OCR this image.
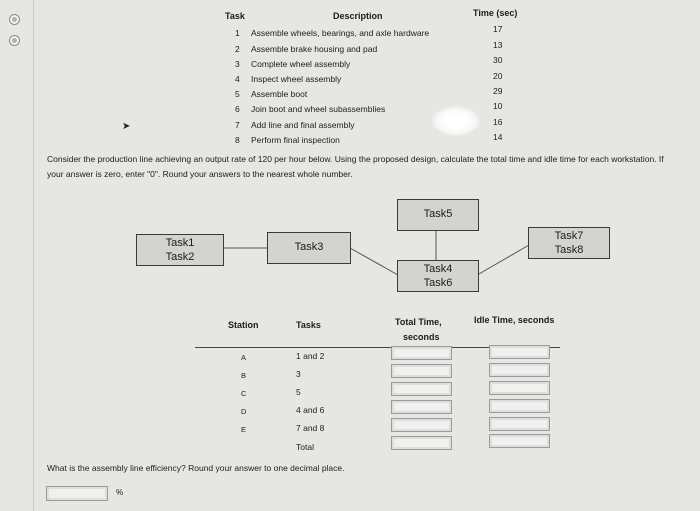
Task	Description	Time (sec)
1 Assemble wheels, bearings, and axle hardware	17
2 Assemble brake housing and pad	13
3 Complete wheel assembly	30
4 Inspect wheel assembly	20
5 Assemble boot	29
6 Join boot and wheel subassemblies	10
7 Add line and final assembly	16
8 Perform final inspection	14
➤
Consider the production line achieving an output rate of 120 per hour below. Using the proposed design, calculate the total time and idle time for each workstation. If your answer is zero, enter "0". Round your answers to the nearest whole number.
Task1
Task2
Task3
Task5
Task4
Task6
Task7
Task8
Station	Tasks	Total Time,
seconds
Idle Time, seconds
A	1 and 2
B	3
C	5
D	4 and 6
E	7 and 8
Total
What is the assembly line efficiency? Round your answer to one decimal place.
%
